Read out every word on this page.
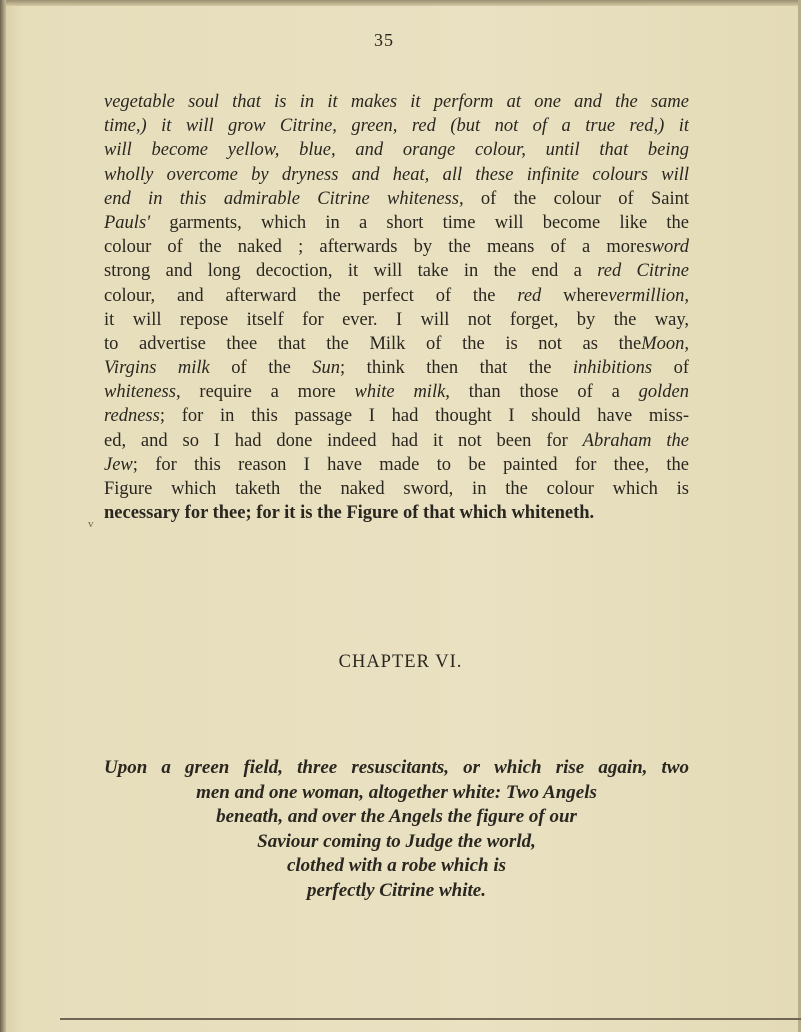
35
vegetable soul that is in it makes it perform at one and the same
time,) it will grow Citrine, green, red (but not of a true red,) it
will become yellow, blue, and orange colour, until that being
wholly overcome by dryness and heat, all these infinite colours will
end in this admirable Citrine whiteness, of the colour of Saint
Pauls' garments, which in a short time will become like the
colour of the naked ; afterwards by the means of a moresword
strong and long decoction, it will take in the end a red Citrine
colour, and afterward the perfect of the red wherevermillion,
it will repose itself for ever. I will not forget, by the way,
to advertise thee that the Milk of the is not as theMoon,
Virgins milk of the Sun; think then that the inhibitions of
whiteness, require a more white milk, than those of a golden
redness; for in this passage I had thought I should have miss-
ed, and so I had done indeed had it not been for Abraham the
Jew; for this reason I have made to be painted for thee, the
Figure which taketh the naked sword, in the colour which is
necessary for thee; for it is the Figure of that which whiteneth.
v
CHAPTER VI.
Upon a green field, three resuscitants, or which rise again, two
men and one woman, altogether white: Two Angels
beneath, and over the Angels the figure of our
Saviour coming to Judge the world,
clothed with a robe which is
perfectly Citrine white.
